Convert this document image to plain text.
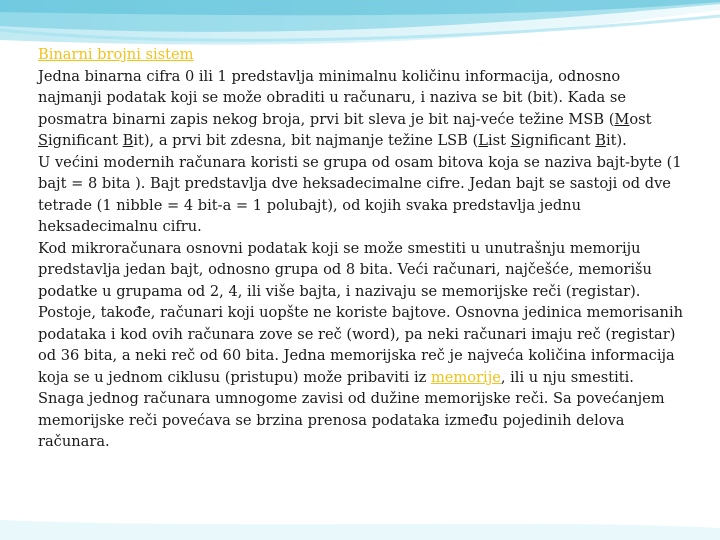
Binarni brojni sistem

Jedna binarna cifra 0 ili 1 predstavlja minimalnu količinu informacija, odnosno najmanji podatak koji se može obraditi u računaru, i naziva se bit (bit). Kada se posmatra binarni zapis nekog broja, prvi bit sleva je bit naj-veće težine MSB (Most Significant Bit), a prvi bit zdesna, bit najmanje težine LSB (List Significant Bit).

U većini modernih računara koristi se grupa od osam bitova koja se naziva bajt-byte (1 bajt = 8 bita ). Bajt predstavlja dve heksadecimalne cifre. Jedan bajt se sastoji od dve tetrade (1 nibble = 4 bit-a = 1 polubajt), od kojih svaka predstavlja jednu heksadecimalnu cifru.

Kod mikroračunara osnovni podatak koji se može smestiti u unutrašnju memoriju predstavlja jedan bajt, odnosno grupa od 8 bita. Veći računari, najčešće, memorišu podatke u grupama od 2, 4, ili više bajta, i nazivaju se memorijske reči (registar). Postoje, takođe, računari koji uopšte ne koriste bajtove. Osnovna jedinica memorisanih podataka i kod ovih računara zove se reč (word), pa neki računari imaju reč (registar) od 36 bita, a neki reč od 60 bita. Jedna memorijska reč je najveća količina informacija koja se u jednom ciklusu (pristupu) može pribaviti iz memorije, ili u nju smestiti.

Snaga jednog računara umnogome zavisi od dužine memorijske reči. Sa povećanjem memorijske reči povećava se brzina prenosa podataka između pojedinih delova računara.
